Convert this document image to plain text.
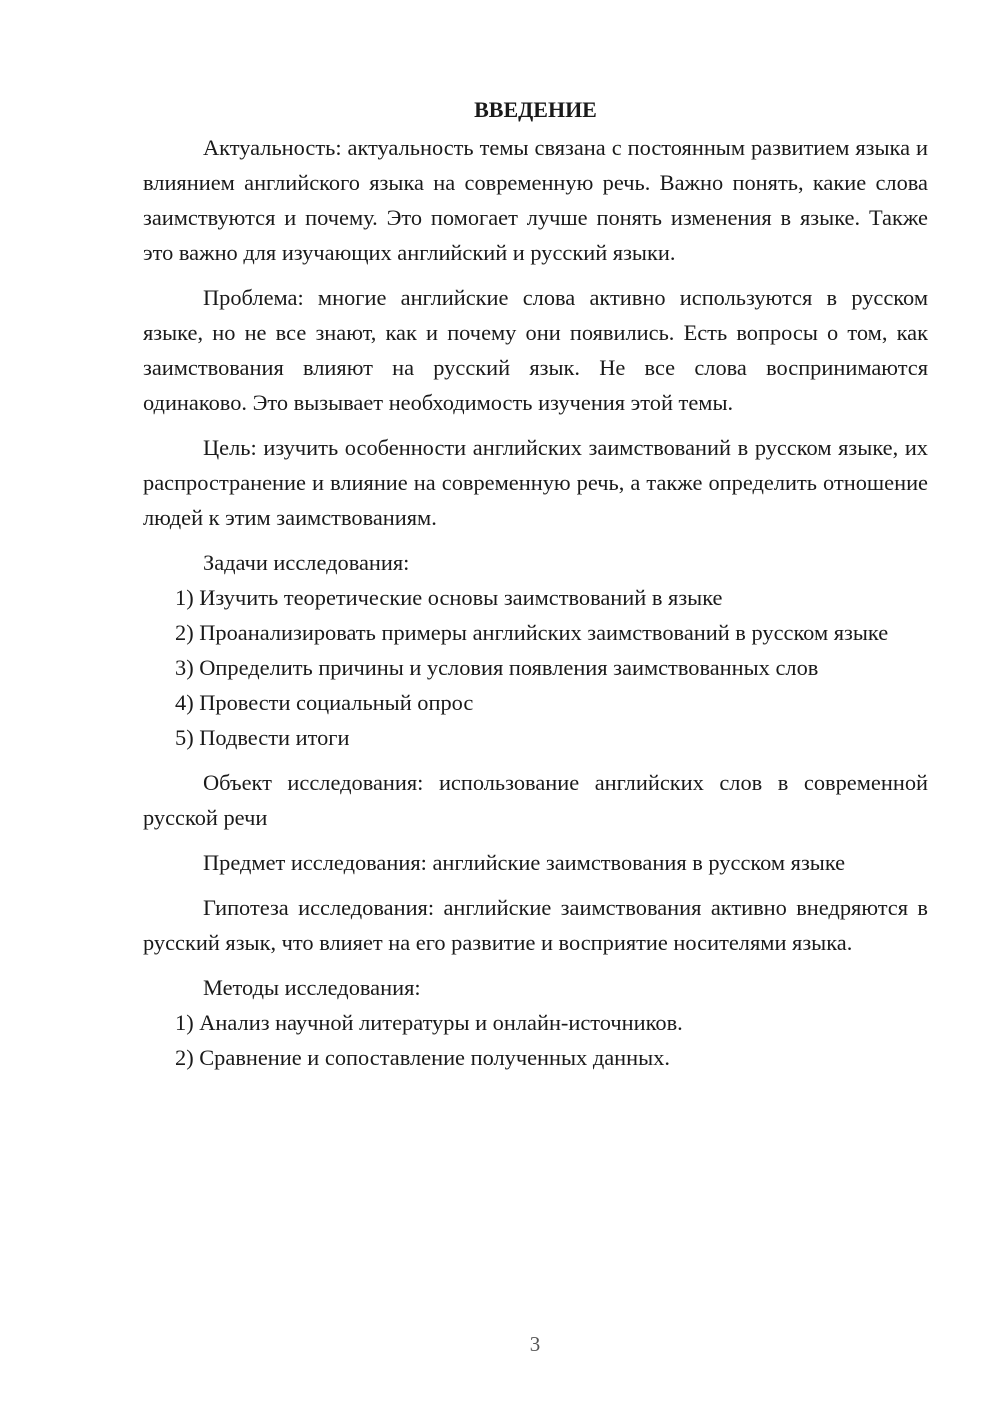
ВВЕДЕНИЕ

Актуальность: актуальность темы связана с постоянным развитием языка и влиянием английского языка на современную речь. Важно понять, какие слова заимствуются и почему. Это помогает лучше понять изменения в языке. Также это важно для изучающих английский и русский языки.

Проблема: многие английские слова активно используются в русском языке, но не все знают, как и почему они появились. Есть вопросы о том, как заимствования влияют на русский язык. Не все слова воспринимаются одинаково. Это вызывает необходимость изучения этой темы.

Цель: изучить особенности английских заимствований в русском языке, их распространение и влияние на современную речь, а также определить отношение людей к этим заимствованиям.

Задачи исследования:

1) Изучить теоретические основы заимствований в языке

2) Проанализировать примеры английских заимствований в русском языке

3) Определить причины и условия появления заимствованных слов

4) Провести социальный опрос

5) Подвести итоги

Объект исследования: использование английских слов в современной русской речи

Предмет исследования: английские заимствования в русском языке

Гипотеза исследования: английские заимствования активно внедряются в русский язык, что влияет на его развитие и восприятие носителями языка.

Методы исследования:

1) Анализ научной литературы и онлайн-источников.

2) Сравнение и сопоставление полученных данных.

3
